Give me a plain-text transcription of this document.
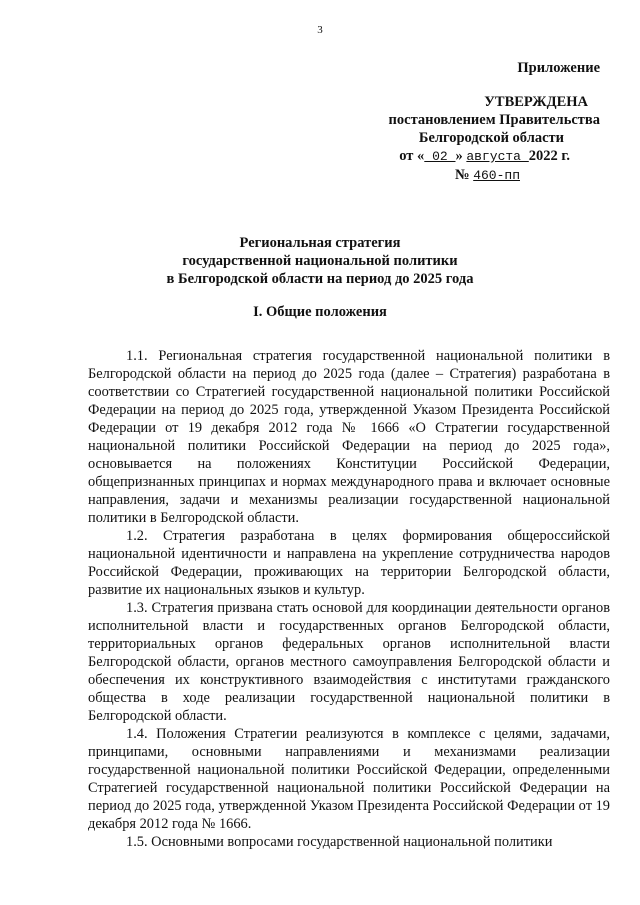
3
Приложение
УТВЕРЖДЕНА
постановлением Правительства
Белгородской области
от « 02 » августа 2022 г.
№ 460-пп
Региональная стратегия
государственной национальной политики
в Белгородской области на период до 2025 года
I. Общие положения

1.1. Региональная стратегия государственной национальной политики в Белгородской области на период до 2025 года (далее – Стратегия) разработана в соответствии со Стратегией государственной национальной политики Российской Федерации на период до 2025 года, утвержденной Указом Президента Российской Федерации от 19 декабря 2012 года № 1666 «О Стратегии государственной национальной политики Российской Федерации на период до 2025 года», основывается на положениях Конституции Российской Федерации, общепризнанных принципах и нормах международного права и включает основные направления, задачи и механизмы реализации государственной национальной политики в Белгородской области.

1.2. Стратегия разработана в целях формирования общероссийской национальной идентичности и направлена на укрепление сотрудничества народов Российской Федерации, проживающих на территории Белгородской области, развитие их национальных языков и культур.

1.3. Стратегия призвана стать основой для координации деятельности органов исполнительной власти и государственных органов Белгородской области, территориальных органов федеральных органов исполнительной власти Белгородской области, органов местного самоуправления Белгородской области и обеспечения их конструктивного взаимодействия с институтами гражданского общества в ходе реализации государственной национальной политики в Белгородской области.

1.4. Положения Стратегии реализуются в комплексе с целями, задачами, принципами, основными направлениями и механизмами реализации государственной национальной политики Российской Федерации, определенными Стратегией государственной национальной политики Российской Федерации на период до 2025 года, утвержденной Указом Президента Российской Федерации от 19 декабря 2012 года № 1666.

1.5. Основными вопросами государственной национальной политики
